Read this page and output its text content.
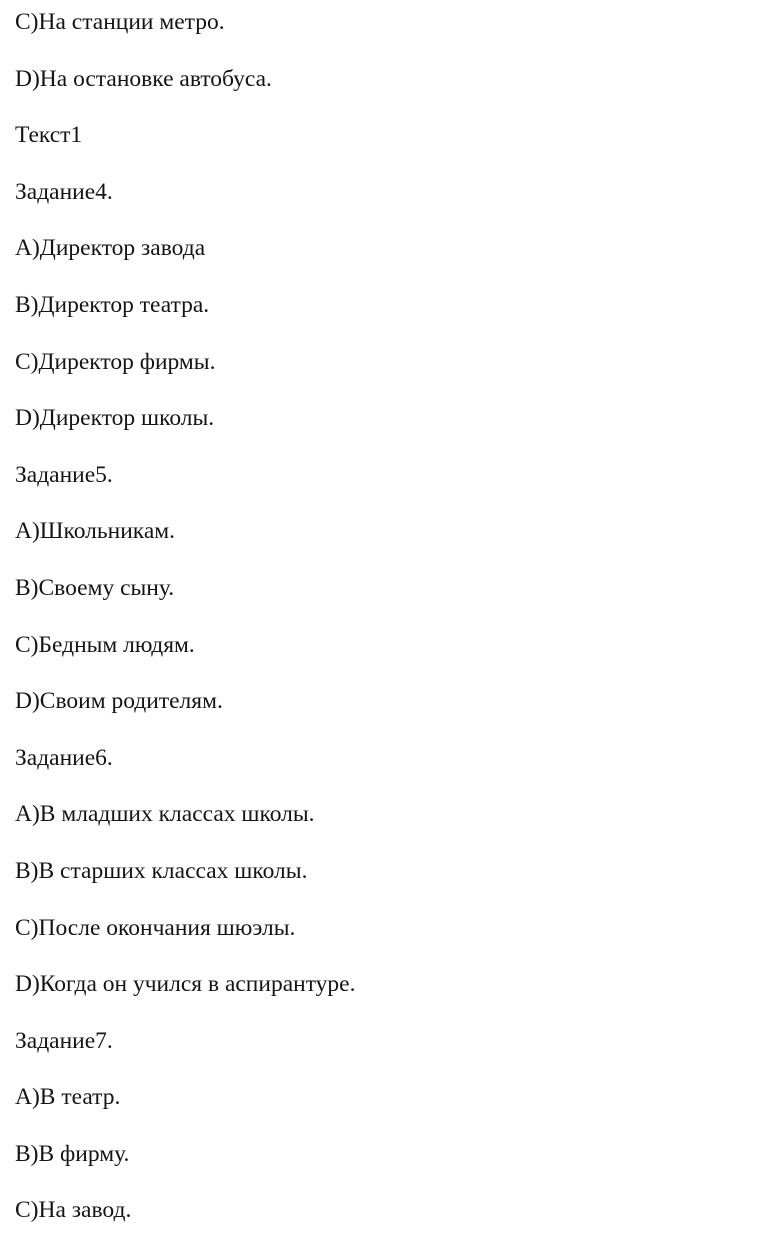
C)На станции метро.
D)На остановке автобуса.
Текст1
Задание4.
A)Директор завода
B)Директор театра.
C)Директор фирмы.
D)Директор школы.
Задание5.
A)Школьникам.
B)Своему сыну.
C)Бедным людям.
D)Своим родителям.
Задание6.
A)В младших классах школы.
B)В старших классах школы.
C)После окончания шюэлы.
D)Когда он учился в аспирантуре.
Задание7.
A)В театр.
B)В фирму.
C)На завод.
